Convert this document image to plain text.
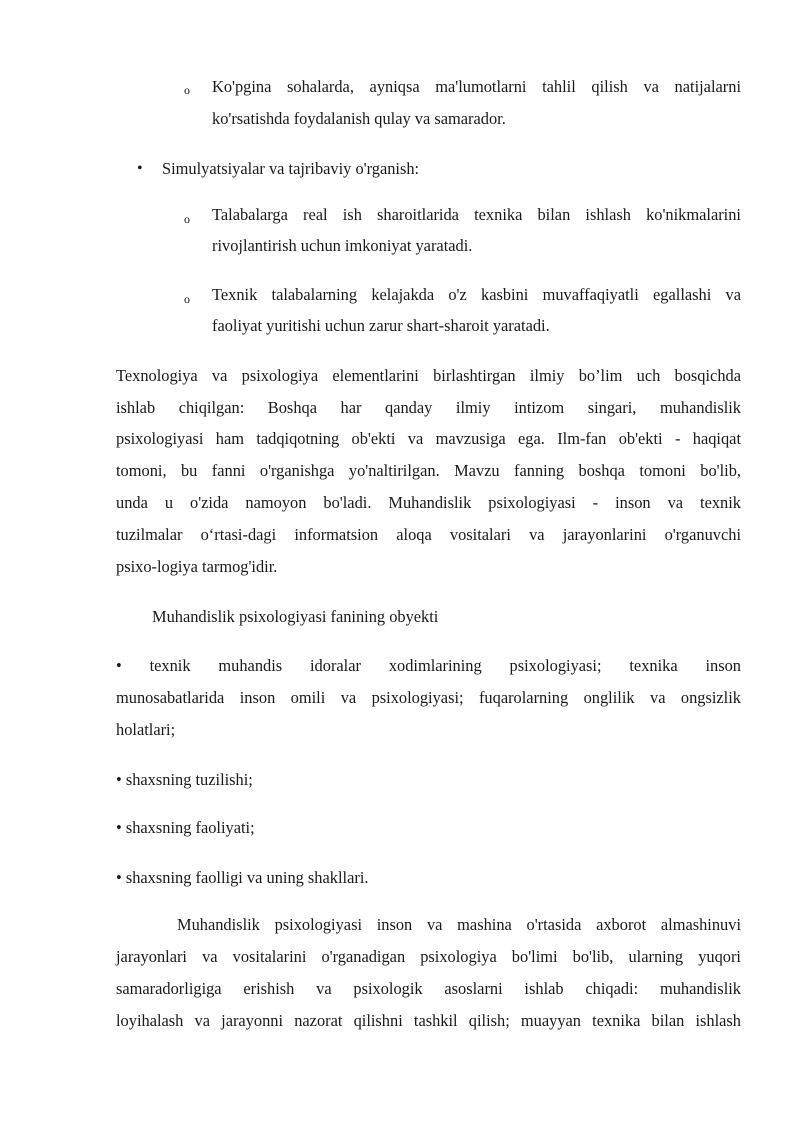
o Ko'pgina sohalarda, ayniqsa ma'lumotlarni tahlil qilish va natijalarni
ko'rsatishda foydalanish qulay va samarador.
• Simulyatsiyalar va tajribaviy o'rganish:
o Talabalarga real ish sharoitlarida texnika bilan ishlash ko'nikmalarini
rivojlantirish uchun imkoniyat yaratadi.
o Texnik talabalarning kelajakda o'z kasbini muvaffaqiyatli egallashi va
faoliyat yuritishi uchun zarur shart-sharoit yaratadi.
Texnologiya va psixologiya elementlarini birlashtirgan ilmiy bo’lim uch bosqichda
ishlab chiqilgan: Boshqa har qanday ilmiy intizom singari, muhandislik
psixologiyasi ham tadqiqotning ob'ekti va mavzusiga ega. Ilm-fan ob'ekti - haqiqat
tomoni, bu fanni o'rganishga yo'naltirilgan. Mavzu fanning boshqa tomoni bo'lib,
unda u o'zida namoyon bo'ladi. Muhandislik psixologiyasi - inson va texnik
tuzilmalar o‘rtasi-dagi informatsion aloqa vositalari va jarayonlarini o'rganuvchi
psixo-logiya tarmog'idir.
Muhandislik psixologiyasi fanining obyekti
• texnik muhandis idoralar xodimlarining psixologiyasi; texnika inson
munosabatlarida inson omili va psixologiyasi; fuqarolarning onglilik va ongsizlik
holatlari;
• shaxsning tuzilishi;
• shaxsning faoliyati;
• shaxsning faolligi va uning shakllari.
Muhandislik psixologiyasi inson va mashina o'rtasida axborot almashinuvi
jarayonlari va vositalarini o'rganadigan psixologiya bo'limi bo'lib, ularning yuqori
samaradorligiga erishish va psixologik asoslarni ishlab chiqadi: muhandislik
loyihalash va jarayonni nazorat qilishni tashkil qilish; muayyan texnika bilan ishlash
